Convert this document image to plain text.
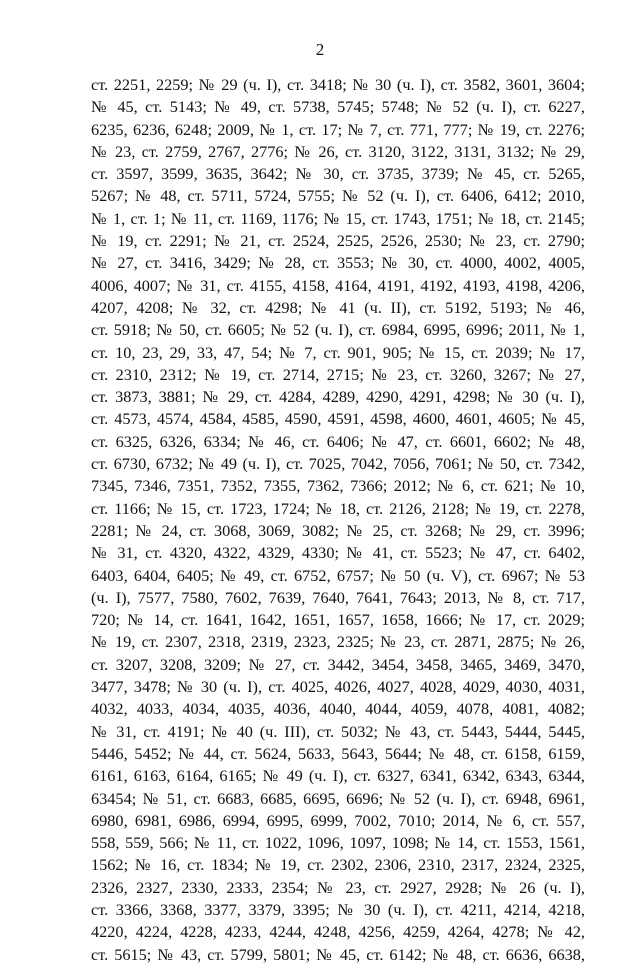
2
ст. 2251, 2259; № 29 (ч. I), ст. 3418; № 30 (ч. I), ст. 3582, 3601, 3604;
№ 45, ст. 5143; № 49, ст. 5738, 5745; 5748; № 52 (ч. I), ст. 6227,
6235, 6236, 6248; 2009, № 1, ст. 17; № 7, ст. 771, 777; № 19, ст. 2276;
№ 23, ст. 2759, 2767, 2776; № 26, ст. 3120, 3122, 3131, 3132; № 29,
ст. 3597, 3599, 3635, 3642; № 30, ст. 3735, 3739; № 45, ст. 5265,
5267; № 48, ст. 5711, 5724, 5755; № 52 (ч. I), ст. 6406, 6412; 2010,
№ 1, ст. 1; № 11, ст. 1169, 1176; № 15, ст. 1743, 1751; № 18, ст. 2145;
№ 19, ст. 2291; № 21, ст. 2524, 2525, 2526, 2530; № 23, ст. 2790;
№ 27, ст. 3416, 3429; № 28, ст. 3553; № 30, ст. 4000, 4002, 4005,
4006, 4007; № 31, ст. 4155, 4158, 4164, 4191, 4192, 4193, 4198, 4206,
4207, 4208; № 32, ст. 4298; № 41 (ч. II), ст. 5192, 5193; № 46,
ст. 5918; № 50, ст. 6605; № 52 (ч. I), ст. 6984, 6995, 6996; 2011, № 1,
ст. 10, 23, 29, 33, 47, 54; № 7, ст. 901, 905; № 15, ст. 2039; № 17,
ст. 2310, 2312; № 19, ст. 2714, 2715; № 23, ст. 3260, 3267; № 27,
ст. 3873, 3881; № 29, ст. 4284, 4289, 4290, 4291, 4298; № 30 (ч. I),
ст. 4573, 4574, 4584, 4585, 4590, 4591, 4598, 4600, 4601, 4605; № 45,
ст. 6325, 6326, 6334; № 46, ст. 6406; № 47, ст. 6601, 6602; № 48,
ст. 6730, 6732; № 49 (ч. I), ст. 7025, 7042, 7056, 7061; № 50, ст. 7342,
7345, 7346, 7351, 7352, 7355, 7362, 7366; 2012; № 6, ст. 621; № 10,
ст. 1166; № 15, ст. 1723, 1724; № 18, ст. 2126, 2128; № 19, ст. 2278,
2281; № 24, ст. 3068, 3069, 3082; № 25, ст. 3268; № 29, ст. 3996;
№ 31, ст. 4320, 4322, 4329, 4330; № 41, ст. 5523; № 47, ст. 6402,
6403, 6404, 6405; № 49, ст. 6752, 6757; № 50 (ч. V), ст. 6967; № 53
(ч. I), 7577, 7580, 7602, 7639, 7640, 7641, 7643; 2013, № 8, ст. 717,
720; № 14, ст. 1641, 1642, 1651, 1657, 1658, 1666; № 17, ст. 2029;
№ 19, ст. 2307, 2318, 2319, 2323, 2325; № 23, ст. 2871, 2875; № 26,
ст. 3207, 3208, 3209; № 27, ст. 3442, 3454, 3458, 3465, 3469, 3470,
3477, 3478; № 30 (ч. I), ст. 4025, 4026, 4027, 4028, 4029, 4030, 4031,
4032, 4033, 4034, 4035, 4036, 4040, 4044, 4059, 4078, 4081, 4082;
№ 31, ст. 4191; № 40 (ч. III), ст. 5032; № 43, ст. 5443, 5444, 5445,
5446, 5452; № 44, ст. 5624, 5633, 5643, 5644; № 48, ст. 6158, 6159,
6161, 6163, 6164, 6165; № 49 (ч. I), ст. 6327, 6341, 6342, 6343, 6344,
63454; № 51, ст. 6683, 6685, 6695, 6696; № 52 (ч. I), ст. 6948, 6961,
6980, 6981, 6986, 6994, 6995, 6999, 7002, 7010; 2014, № 6, ст. 557,
558, 559, 566; № 11, ст. 1022, 1096, 1097, 1098; № 14, ст. 1553, 1561,
1562; № 16, ст. 1834; № 19, ст. 2302, 2306, 2310, 2317, 2324, 2325,
2326, 2327, 2330, 2333, 2354; № 23, ст. 2927, 2928; № 26 (ч. I),
ст. 3366, 3368, 3377, 3379, 3395; № 30 (ч. I), ст. 4211, 4214, 4218,
4220, 4224, 4228, 4233, 4244, 4248, 4256, 4259, 4264, 4278; № 42,
ст. 5615; № 43, ст. 5799, 5801; № 45, ст. 6142; № 48, ст. 6636, 6638,
